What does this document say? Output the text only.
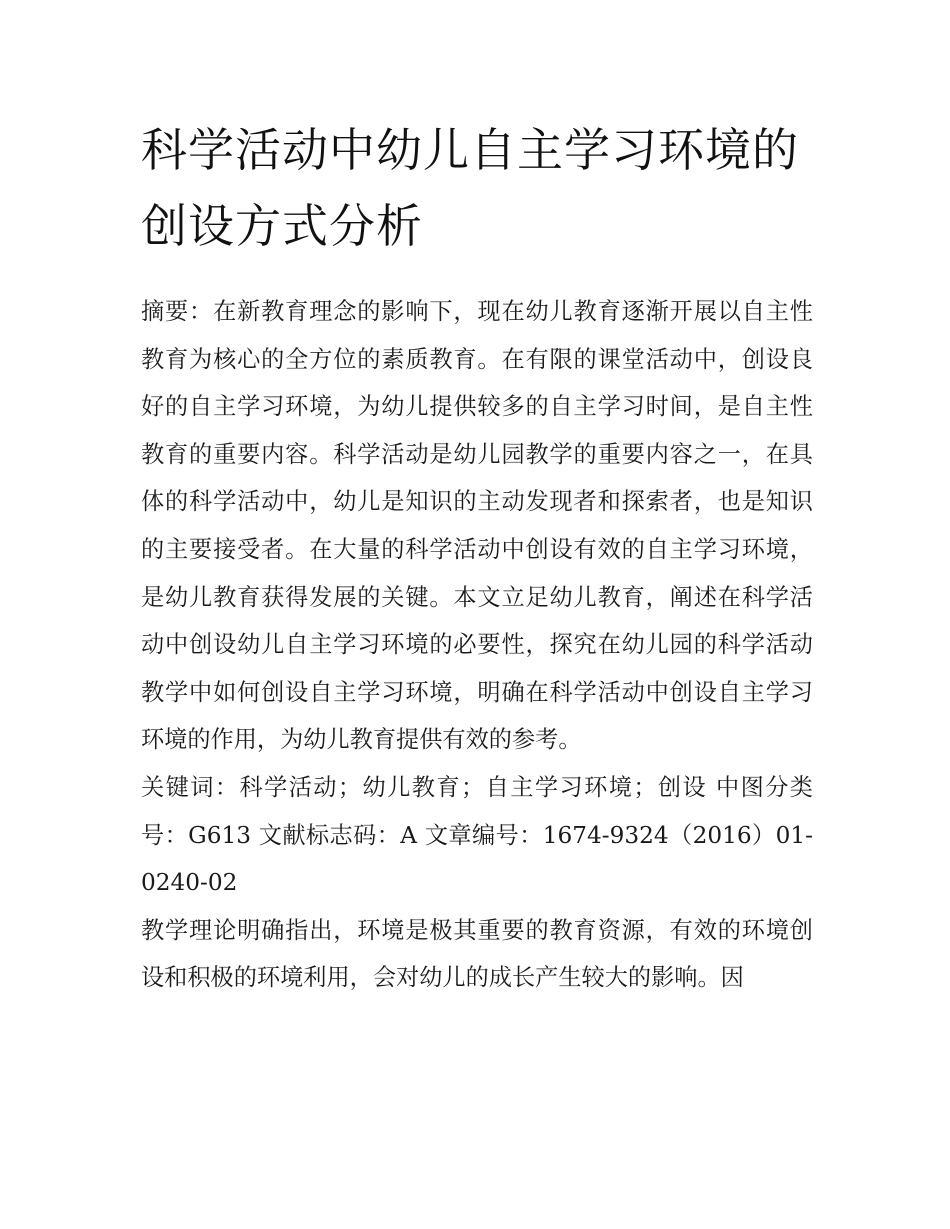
科学活动中幼儿自主学习环境的创设方式分析

摘要：在新教育理念的影响下，现在幼儿教育逐渐开展以自主性教育为核心的全方位的素质教育。在有限的课堂活动中，创设良好的自主学习环境，为幼儿提供较多的自主学习时间，是自主性教育的重要内容。科学活动是幼儿园教学的重要内容之一，在具体的科学活动中，幼儿是知识的主动发现者和探索者，也是知识的主要接受者。在大量的科学活动中创设有效的自主学习环境，是幼儿教育获得发展的关键。本文立足幼儿教育，阐述在科学活动中创设幼儿自主学习环境的必要性，探究在幼儿园的科学活动教学中如何创设自主学习环境，明确在科学活动中创设自主学习环境的作用，为幼儿教育提供有效的参考。

关键词：科学活动；幼儿教育；自主学习环境；创设 中图分类号：G613 文献标志码：A 文章编号：1674-9324（2016）01-0240-02

教学理论明确指出，环境是极其重要的教育资源，有效的环境创设和积极的环境利用，会对幼儿的成长产生较大的影响。因
